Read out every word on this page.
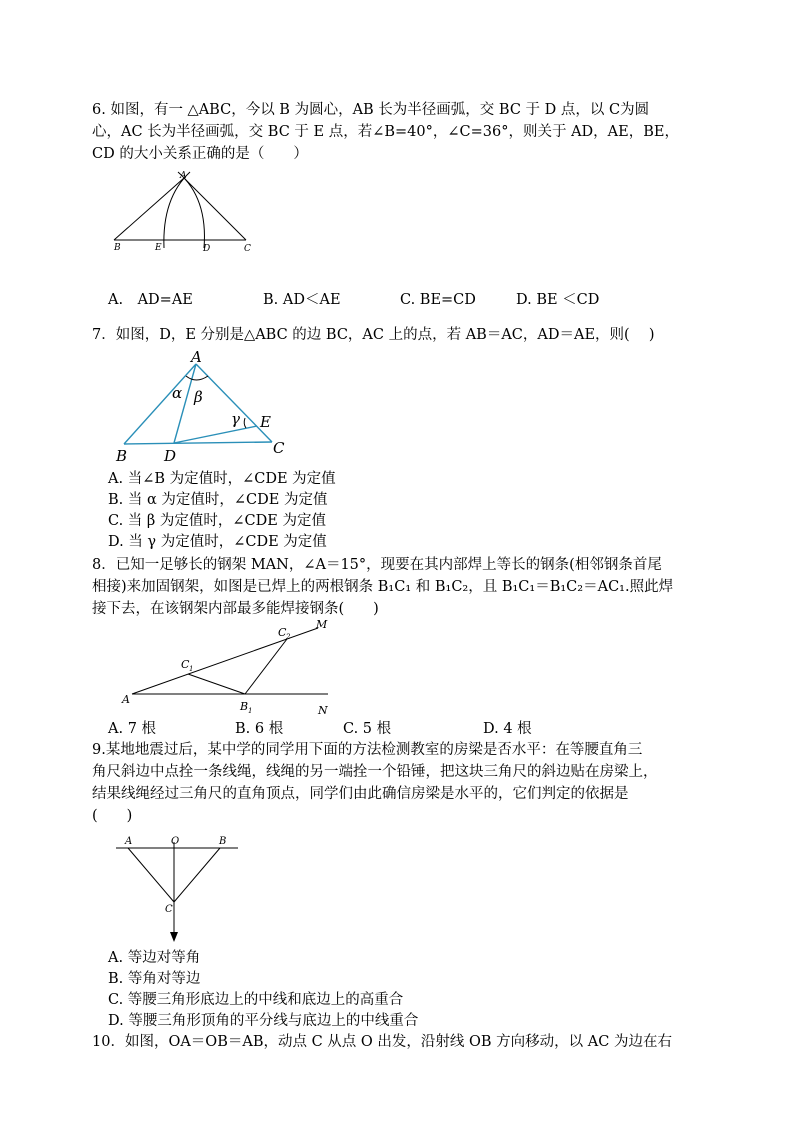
6. 如图，有一 △ABC，今以 B 为圆心，AB 长为半径画弧，交 BC 于 D 点，以 C为圆
心，AC 长为半径画弧，交 BC 于 E 点，若∠B=40°，∠C=36°，则关于 AD，AE，BE，
CD 的大小关系正确的是（　　）
A
B	E	D	C
A.　AD=AE	B. AD＜AE	C. BE=CD	D. BE ＜CD
7．如图，D，E 分别是△ABC 的边 BC，AC 上的点，若 AB＝AC，AD＝AE，则(　 )
A
B	C
D
E
α β
γ
A. 当∠B 为定值时，∠CDE 为定值
B. 当 α 为定值时，∠CDE 为定值
C. 当 β 为定值时，∠CDE 为定值
D. 当 γ 为定值时，∠CDE 为定值
8．已知一足够长的钢架 MAN，∠A＝15°，现要在其内部焊上等长的钢条(相邻钢条首尾
相接)来加固钢架，如图是已焊上的两根钢条 B₁C₁ 和 B₁C₂，且 B₁C₁＝B₁C₂＝AC₁.照此焊
接下去，在该钢架内部最多能焊接钢条(　　)
A
M
N
C 1
C 2
B 1
A. 7 根	B. 6 根	C. 5 根	D. 4 根
9.某地地震过后，某中学的同学用下面的方法检测教室的房梁是否水平：在等腰直角三
角尺斜边中点拴一条线绳，线绳的另一端拴一个铅锤，把这块三角尺的斜边贴在房梁上，
结果线绳经过三角尺的直角顶点，同学们由此确信房梁是水平的，它们判定的依据是
(　　)
A	O	B
C
A. 等边对等角
B. 等角对等边
C. 等腰三角形底边上的中线和底边上的高重合
D. 等腰三角形顶角的平分线与底边上的中线重合
10．如图，OA＝OB＝AB，动点 C 从点 O 出发，沿射线 OB 方向移动，以 AC 为边在右
